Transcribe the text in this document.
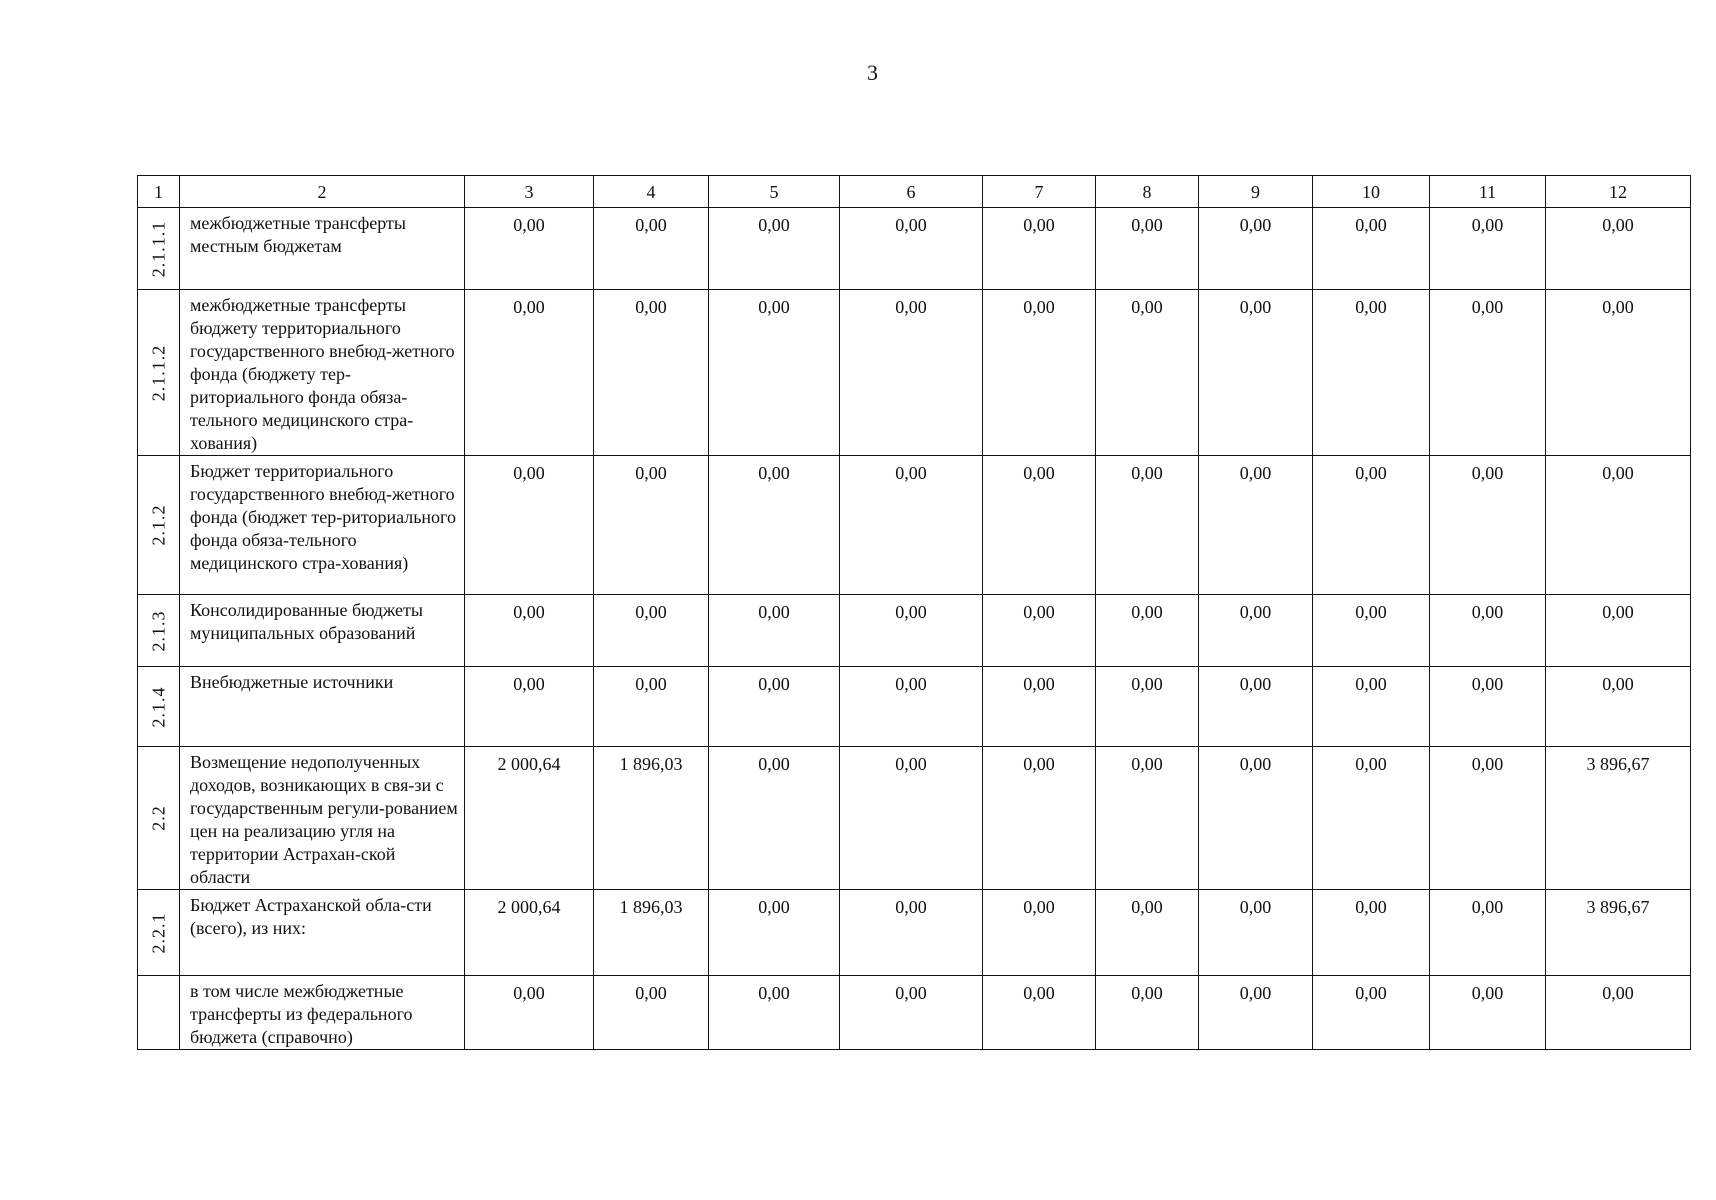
3
1	2	3	4	5	6	7	8	9	10	11	12

2.1.1.1	межбюджетные трансферты местным бюджетам	0,00	0,00	0,00	0,00	0,00	0,00	0,00	0,00	0,00	0,00

2.1.1.2	межбюджетные трансферты бюджету территориального государственного внебюд-жетного фонда (бюджету тер-риториального фонда обяза-тельного медицинского стра-хования)	0,00	0,00	0,00	0,00	0,00	0,00	0,00	0,00	0,00	0,00

2.1.2	Бюджет территориального государственного внебюд-жетного фонда (бюджет тер-риториального фонда обяза-тельного медицинского стра-хования)	0,00	0,00	0,00	0,00	0,00	0,00	0,00	0,00	0,00	0,00

2.1.3	Консолидированные бюджеты муниципальных образований	0,00	0,00	0,00	0,00	0,00	0,00	0,00	0,00	0,00	0,00

2.1.4	Внебюджетные источники	0,00	0,00	0,00	0,00	0,00	0,00	0,00	0,00	0,00	0,00

2.2	Возмещение недополученных доходов, возникающих в свя-зи с государственным регули-рованием цен на реализацию угля на территории Астрахан-ской области	2 000,64	1 896,03	0,00	0,00	0,00	0,00	0,00	0,00	0,00	3 896,67

2.2.1	Бюджет Астраханской обла-сти (всего), из них:	2 000,64	1 896,03	0,00	0,00	0,00	0,00	0,00	0,00	0,00	3 896,67

	в том числе межбюджетные трансферты из федерального бюджета (справочно)	0,00	0,00	0,00	0,00	0,00	0,00	0,00	0,00	0,00	0,00
